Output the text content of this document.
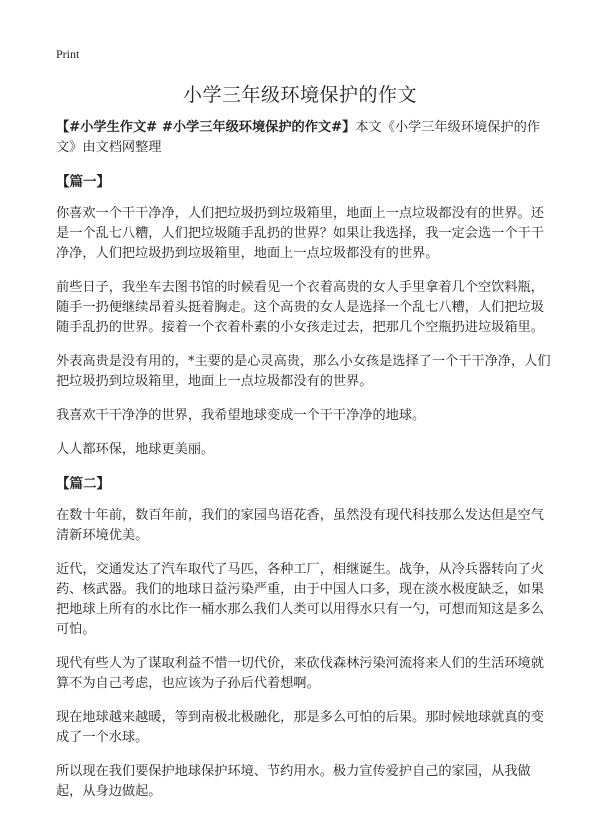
Print
小学三年级环境保护的作文

【#小学生作文# #小学三年级环境保护的作文#】本文《小学三年级环境保护的作文》由文档网整理

【篇一】

你喜欢一个干干净净，人们把垃圾扔到垃圾箱里，地面上一点垃圾都没有的世界。还是一个乱七八糟，人们把垃圾随手乱扔的世界？如果让我选择，我一定会选一个干干净净，人们把垃圾扔到垃圾箱里，地面上一点垃圾都没有的世界。

前些日子，我坐车去图书馆的时候看见一个衣着高贵的女人手里拿着几个空饮料瓶，随手一扔便继续昂着头挺着胸走。这个高贵的女人是选择一个乱七八糟，人们把垃圾随手乱扔的世界。接着一个衣着朴素的小女孩走过去，把那几个空瓶扔进垃圾箱里。

外表高贵是没有用的，*主要的是心灵高贵，那么小女孩是选择了一个干干净净，人们把垃圾扔到垃圾箱里，地面上一点垃圾都没有的世界。

我喜欢干干净净的世界，我希望地球变成一个干干净净的地球。

人人都环保，地球更美丽。

【篇二】

在数十年前，数百年前，我们的家园鸟语花香，虽然没有现代科技那么发达但是空气清新环境优美。

近代，交通发达了汽车取代了马匹，各种工厂，相继诞生。战争，从冷兵器转向了火药、核武器。我们的地球日益污染严重，由于中国人口多，现在淡水极度缺乏，如果把地球上所有的水比作一桶水那么我们人类可以用得水只有一勺，可想而知这是多么可怕。

现代有些人为了谋取利益不惜一切代价，来砍伐森林污染河流将来人们的生活环境就算不为自己考虑，也应该为子孙后代着想啊。

现在地球越来越暖，等到南极北极融化，那是多么可怕的后果。那时候地球就真的变成了一个水球。

所以现在我们要保护地球保护环境、节约用水。极力宣传爱护自己的家园，从我做起，从身边做起。
